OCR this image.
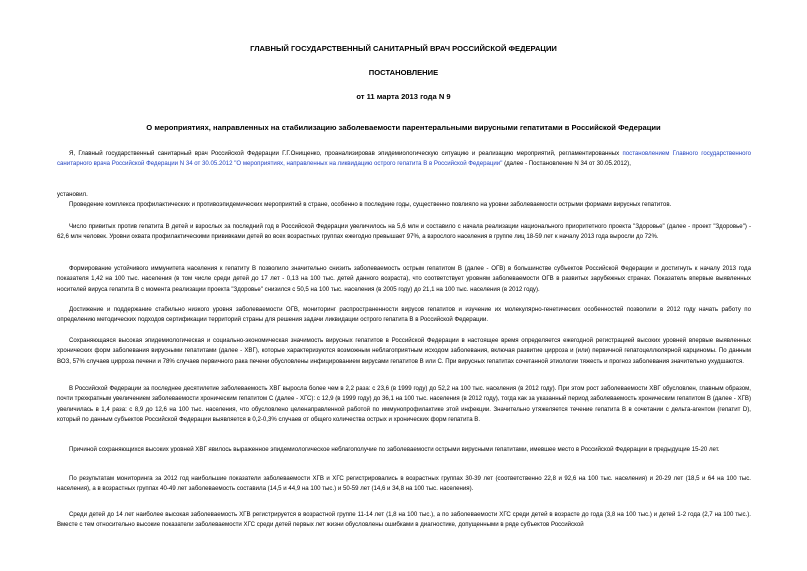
ГЛАВНЫЙ ГОСУДАРСТВЕННЫЙ САНИТАРНЫЙ ВРАЧ РОССИЙСКОЙ ФЕДЕРАЦИИ
ПОСТАНОВЛЕНИЕ
от 11 марта 2013 года N 9
О мероприятиях, направленных на стабилизацию заболеваемости парентеральными вирусными гепатитами в Российской Федерации

Я, Главный государственный санитарный врач Российской Федерации Г.Г.Онищенко, проанализировав эпидемиологическую ситуацию и реализацию мероприятий, регламентированных постановлением Главного государственного санитарного врача Российской Федерации N 34 от 30.05.2012 "О мероприятиях, направленных на ликвидацию острого гепатита В в Российской Федерации" (далее - Постановление N 34 от 30.05.2012),

установил.

Проведение комплекса профилактических и противоэпидемических мероприятий в стране, особенно в последние годы, существенно повлияло на уровни заболеваемости острыми формами вирусных гепатитов.

Число привитых против гепатита В детей и взрослых за последний год в Российской Федерации увеличилось на 5,6 млн и составило с начала реализации национального приоритетного проекта "Здоровье" (далее - проект "Здоровье") - 62,6 млн человек. Уровни охвата профилактическими прививками детей во всех возрастных группах ежегодно превышает 97%, а взрослого населения в группе лиц 18-59 лет к началу 2013 года выросли до 72%.

Формирование устойчивого иммунитета населения к гепатиту В позволило значительно снизить заболеваемость острым гепатитом В (далее - ОГВ) в большинстве субъектов Российской Федерации и достигнуть к началу 2013 года показателя 1,42 на 100 тыс. населения (в том числе среди детей до 17 лет - 0,13 на 100 тыс. детей данного возраста), что соответствует уровням заболеваемости ОГВ в развитых зарубежных странах. Показатель впервые выявленных носителей вируса гепатита В с момента реализации проекта "Здоровье" снизился с 50,5 на 100 тыс. населения (в 2005 году) до 21,1 на 100 тыс. населения (в 2012 году).

Достижение и поддержание стабильно низкого уровня заболеваемости ОГВ, мониторинг распространенности вирусов гепатитов и изучение их молекулярно-генетических особенностей позволили в 2012 году начать работу по определению методических подходов сертификации территорий страны для решения задачи ликвидации острого гепатита В в Российской Федерации.

Сохраняющаяся высокая эпидемиологическая и социально-экономическая значимость вирусных гепатитов в Российской Федерации в настоящее время определяется ежегодной регистрацией высоких уровней впервые выявленных хронических форм заболевания вирусными гепатитами (далее - ХВГ), которые характеризуются возможным неблагоприятным исходом заболевания, включая развитие цирроза и (или) первичной гепатоцеллюлярной карциномы. По данным ВОЗ, 57% случаев цирроза печени и 78% случаев первичного рака печени обусловлены инфицированием вирусами гепатитов В или С. При вирусных гепатитах сочетанной этиологии тяжесть и прогноз заболевания значительно ухудшаются.

В Российской Федерации за последнее десятилетие заболеваемость ХВГ выросла более чем в 2,2 раза: с 23,6 (в 1999 году) до 52,2 на 100 тыс. населения (в 2012 году). При этом рост заболеваемости ХВГ обусловлен, главным образом, почти трехкратным увеличением заболеваемости хроническим гепатитом С (далее - ХГС): с 12,9 (в 1999 году) до 36,1 на 100 тыс. населения (в 2012 году), тогда как за указанный период заболеваемость хроническим гепатитом В (далее - ХГВ) увеличилась в 1,4 раза: с 8,9 до 12,6 на 100 тыс. населения, что обусловлено целенаправленной работой по иммунопрофилактике этой инфекции. Значительно утяжеляется течение гепатита В в сочетании с дельта-агентом (гепатит D), который по данным субъектов Российской Федерации выявляется в 0,2-0,3% случаев от общего количества острых и хронических форм гепатита В.

Причиной сохраняющихся высоких уровней ХВГ явилось выраженное эпидемиологическое неблагополучие по заболеваемости острыми вирусными гепатитами, имевшее место в Российской Федерации в предыдущие 15-20 лет.

По результатам мониторинга за 2012 год наибольшие показатели заболеваемости ХГВ и ХГС регистрировались в возрастных группах 30-39 лет (соответственно 22,8 и 92,6 на 100 тыс. населения) и 20-29 лет (18,5 и 64 на 100 тыс. населения), а в возрастных группах 40-49 лет заболеваемость составила (14,5 и 44,9 на 100 тыс.) и 50-59 лет (14,6 и 34,8 на 100 тыс. населения).

Среди детей до 14 лет наиболее высокая заболеваемость ХГВ регистрируется в возрастной группе 11-14 лет (1,8 на 100 тыс.), а по заболеваемости ХГС среди детей в возрасте до года (3,8 на 100 тыс.) и детей 1-2 года (2,7 на 100 тыс.). Вместе с тем относительно высокие показатели заболеваемости ХГС среди детей первых лет жизни обусловлены ошибками в диагностике, допущенными в ряде субъектов Российской
